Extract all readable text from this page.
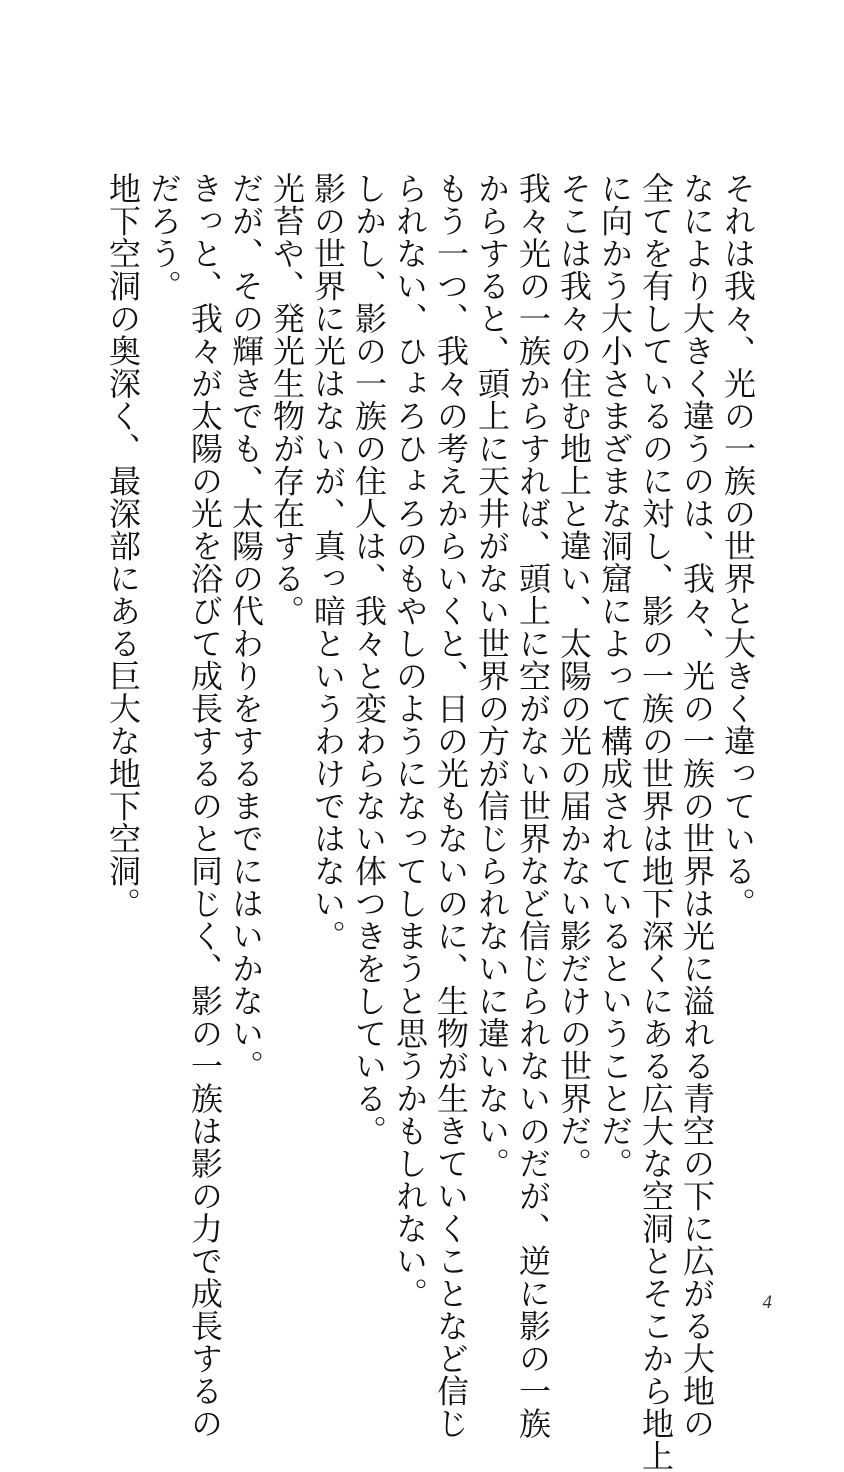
それは我々、光の一族の世界と大きく違っている。
なにより大きく違うのは、我々、光の一族の世界は光に溢れる青空の下に広がる大地の
全てを有しているのに対し、影の一族の世界は地下深くにある広大な空洞とそこから地上
に向かう大小さまざまな洞窟によって構成されているということだ。
そこは我々の住む地上と違い、太陽の光の届かない影だけの世界だ。
我々光の一族からすれば、頭上に空がない世界など信じられないのだが、逆に影の一族
からすると、頭上に天井がない世界の方が信じられないに違いない。
もう一つ、我々の考えからいくと、日の光もないのに、生物が生きていくことなど信じ
られない、ひょろひょろのもやしのようになってしまうと思うかもしれない。
しかし、影の一族の住人は、我々と変わらない体つきをしている。
影の世界に光はないが、真っ暗というわけではない。
光苔や、発光生物が存在する。
だが、その輝きでも、太陽の代わりをするまでにはいかない。
きっと、我々が太陽の光を浴びて成長するのと同じく、影の一族は影の力で成長するの
だろう。
地下空洞の奥深く、最深部にある巨大な地下空洞。
4
